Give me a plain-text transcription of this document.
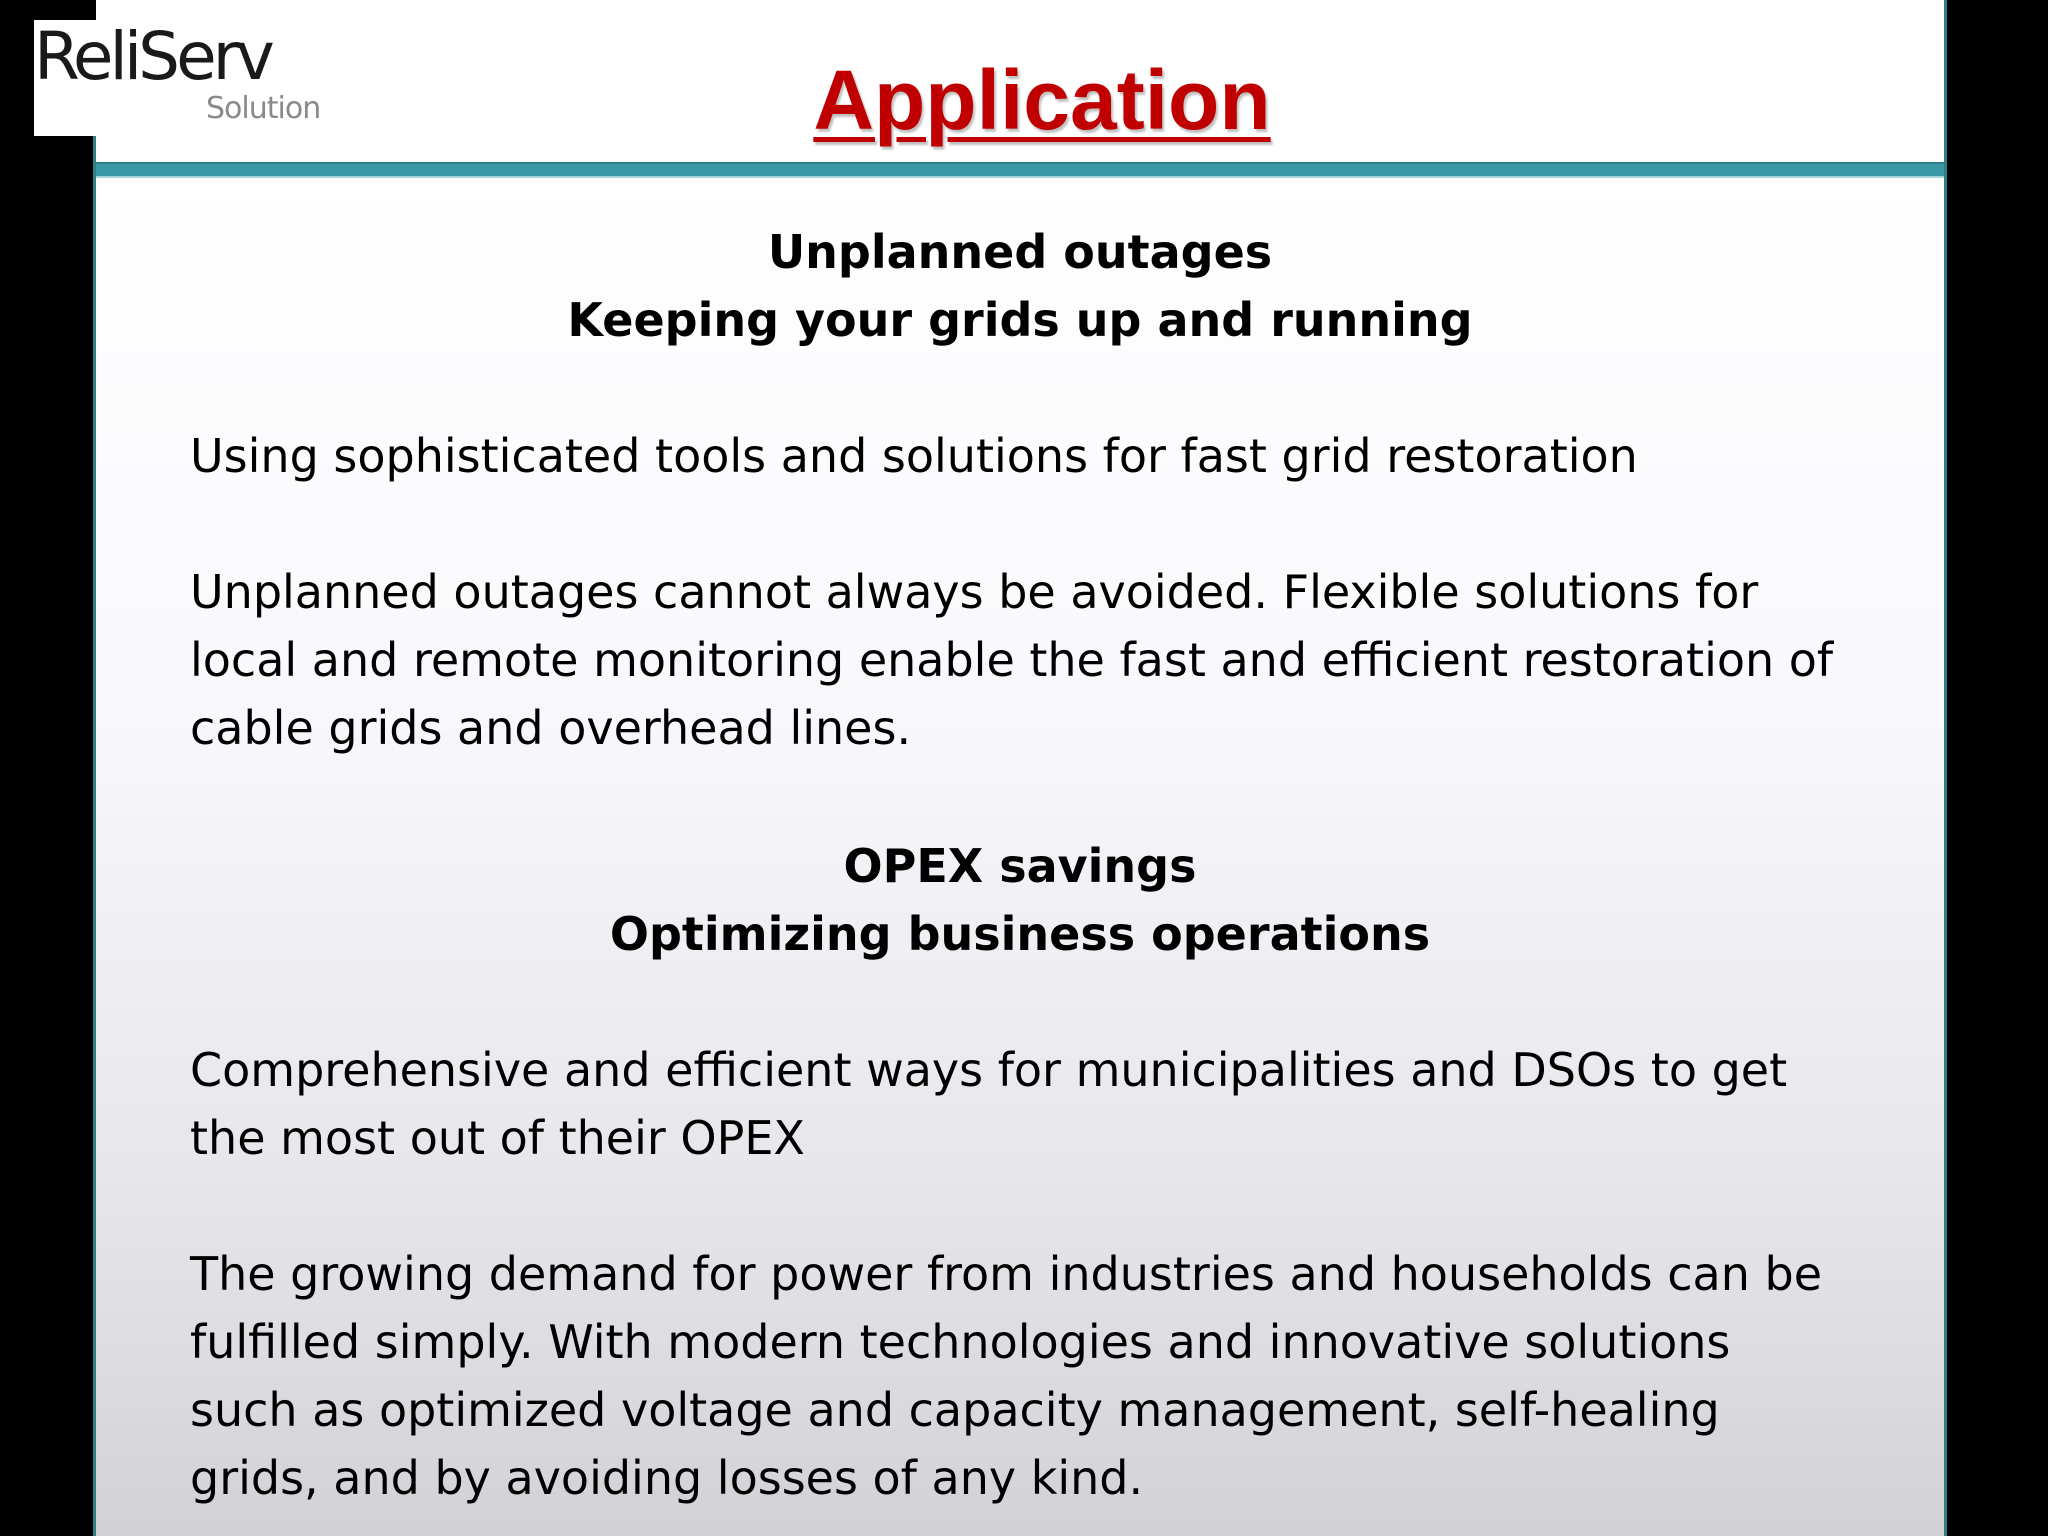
ReliServ
Solution	Application
Unplanned outages
Keeping your grids up and running
Using sophisticated tools and solutions for fast grid restoration
Unplanned outages cannot always be avoided. Flexible solutions for
local and remote monitoring enable the fast and efficient restoration of
cable grids and overhead lines.
OPEX savings
Optimizing business operations
Comprehensive and efficient ways for municipalities and DSOs to get
the most out of their OPEX
The growing demand for power from industries and households can be
fulfilled simply. With modern technologies and innovative solutions
such as optimized voltage and capacity management, self-healing
grids, and by avoiding losses of any kind.
